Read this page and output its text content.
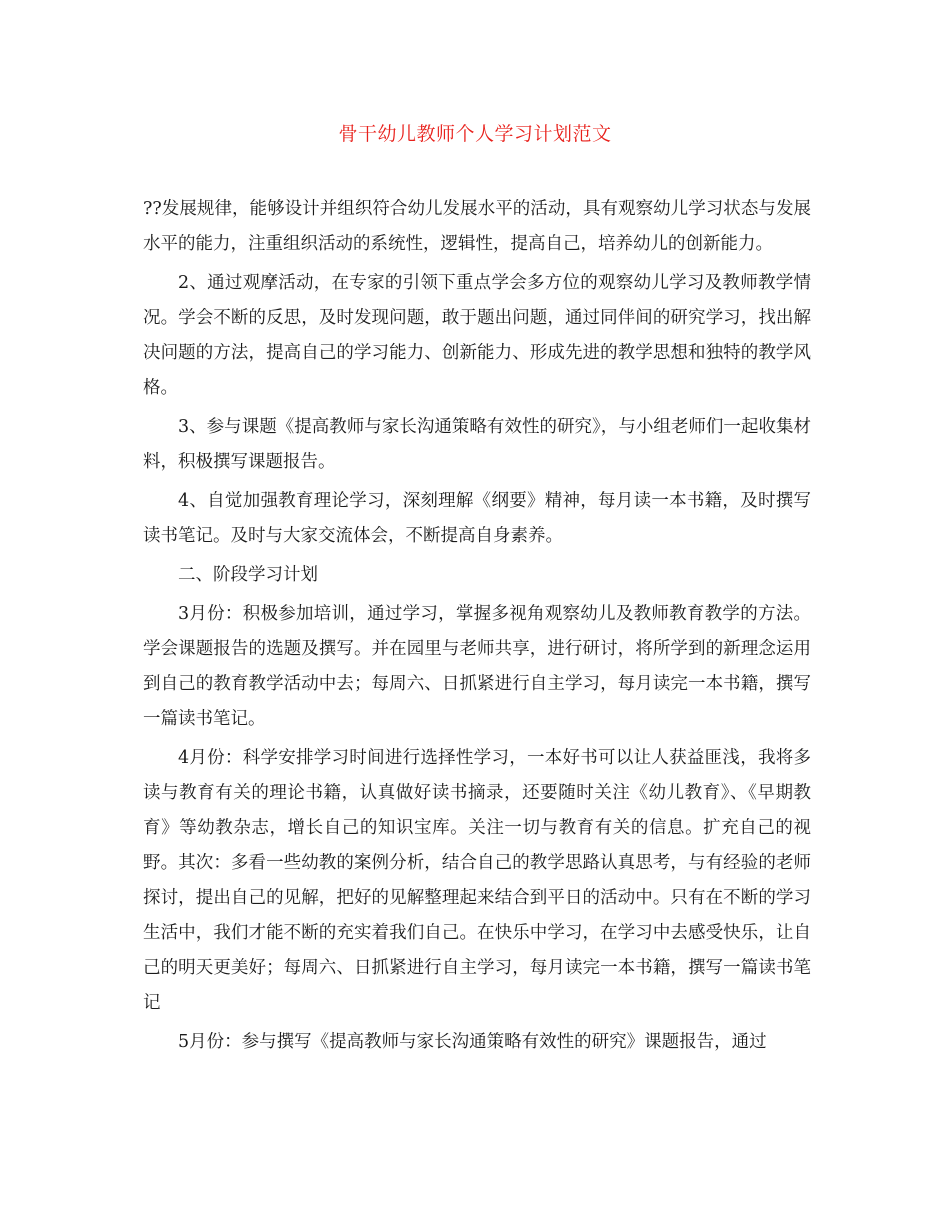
骨干幼儿教师个人学习计划范文

??发展规律，能够设计并组织符合幼儿发展水平的活动，具有观察幼儿学习状态与发展水平的能力，注重组织活动的系统性，逻辑性，提高自己，培养幼儿的创新能力。

2、通过观摩活动，在专家的引领下重点学会多方位的观察幼儿学习及教师教学情况。学会不断的反思，及时发现问题，敢于题出问题，通过同伴间的研究学习，找出解决问题的方法，提高自己的学习能力、创新能力、形成先进的教学思想和独特的教学风格。

3、参与课题《提高教师与家长沟通策略有效性的研究》，与小组老师们一起收集材料，积极撰写课题报告。

4、自觉加强教育理论学习，深刻理解《纲要》精神，每月读一本书籍，及时撰写读书笔记。及时与大家交流体会，不断提高自身素养。

二、阶段学习计划

3月份：积极参加培训，通过学习，掌握多视角观察幼儿及教师教育教学的方法。学会课题报告的选题及撰写。并在园里与老师共享，进行研讨，将所学到的新理念运用到自己的教育教学活动中去；每周六、日抓紧进行自主学习，每月读完一本书籍，撰写一篇读书笔记。

4月份：科学安排学习时间进行选择性学习，一本好书可以让人获益匪浅，我将多读与教育有关的理论书籍，认真做好读书摘录，还要随时关注《幼儿教育》、《早期教育》等幼教杂志，增长自己的知识宝库。关注一切与教育有关的信息。扩充自己的视野。其次：多看一些幼教的案例分析，结合自己的教学思路认真思考，与有经验的老师探讨，提出自己的见解，把好的见解整理起来结合到平日的活动中。只有在不断的学习生活中，我们才能不断的充实着我们自己。在快乐中学习，在学习中去感受快乐，让自己的明天更美好；每周六、日抓紧进行自主学习，每月读完一本书籍，撰写一篇读书笔记

5月份：参与撰写《提高教师与家长沟通策略有效性的研究》课题报告，通过
